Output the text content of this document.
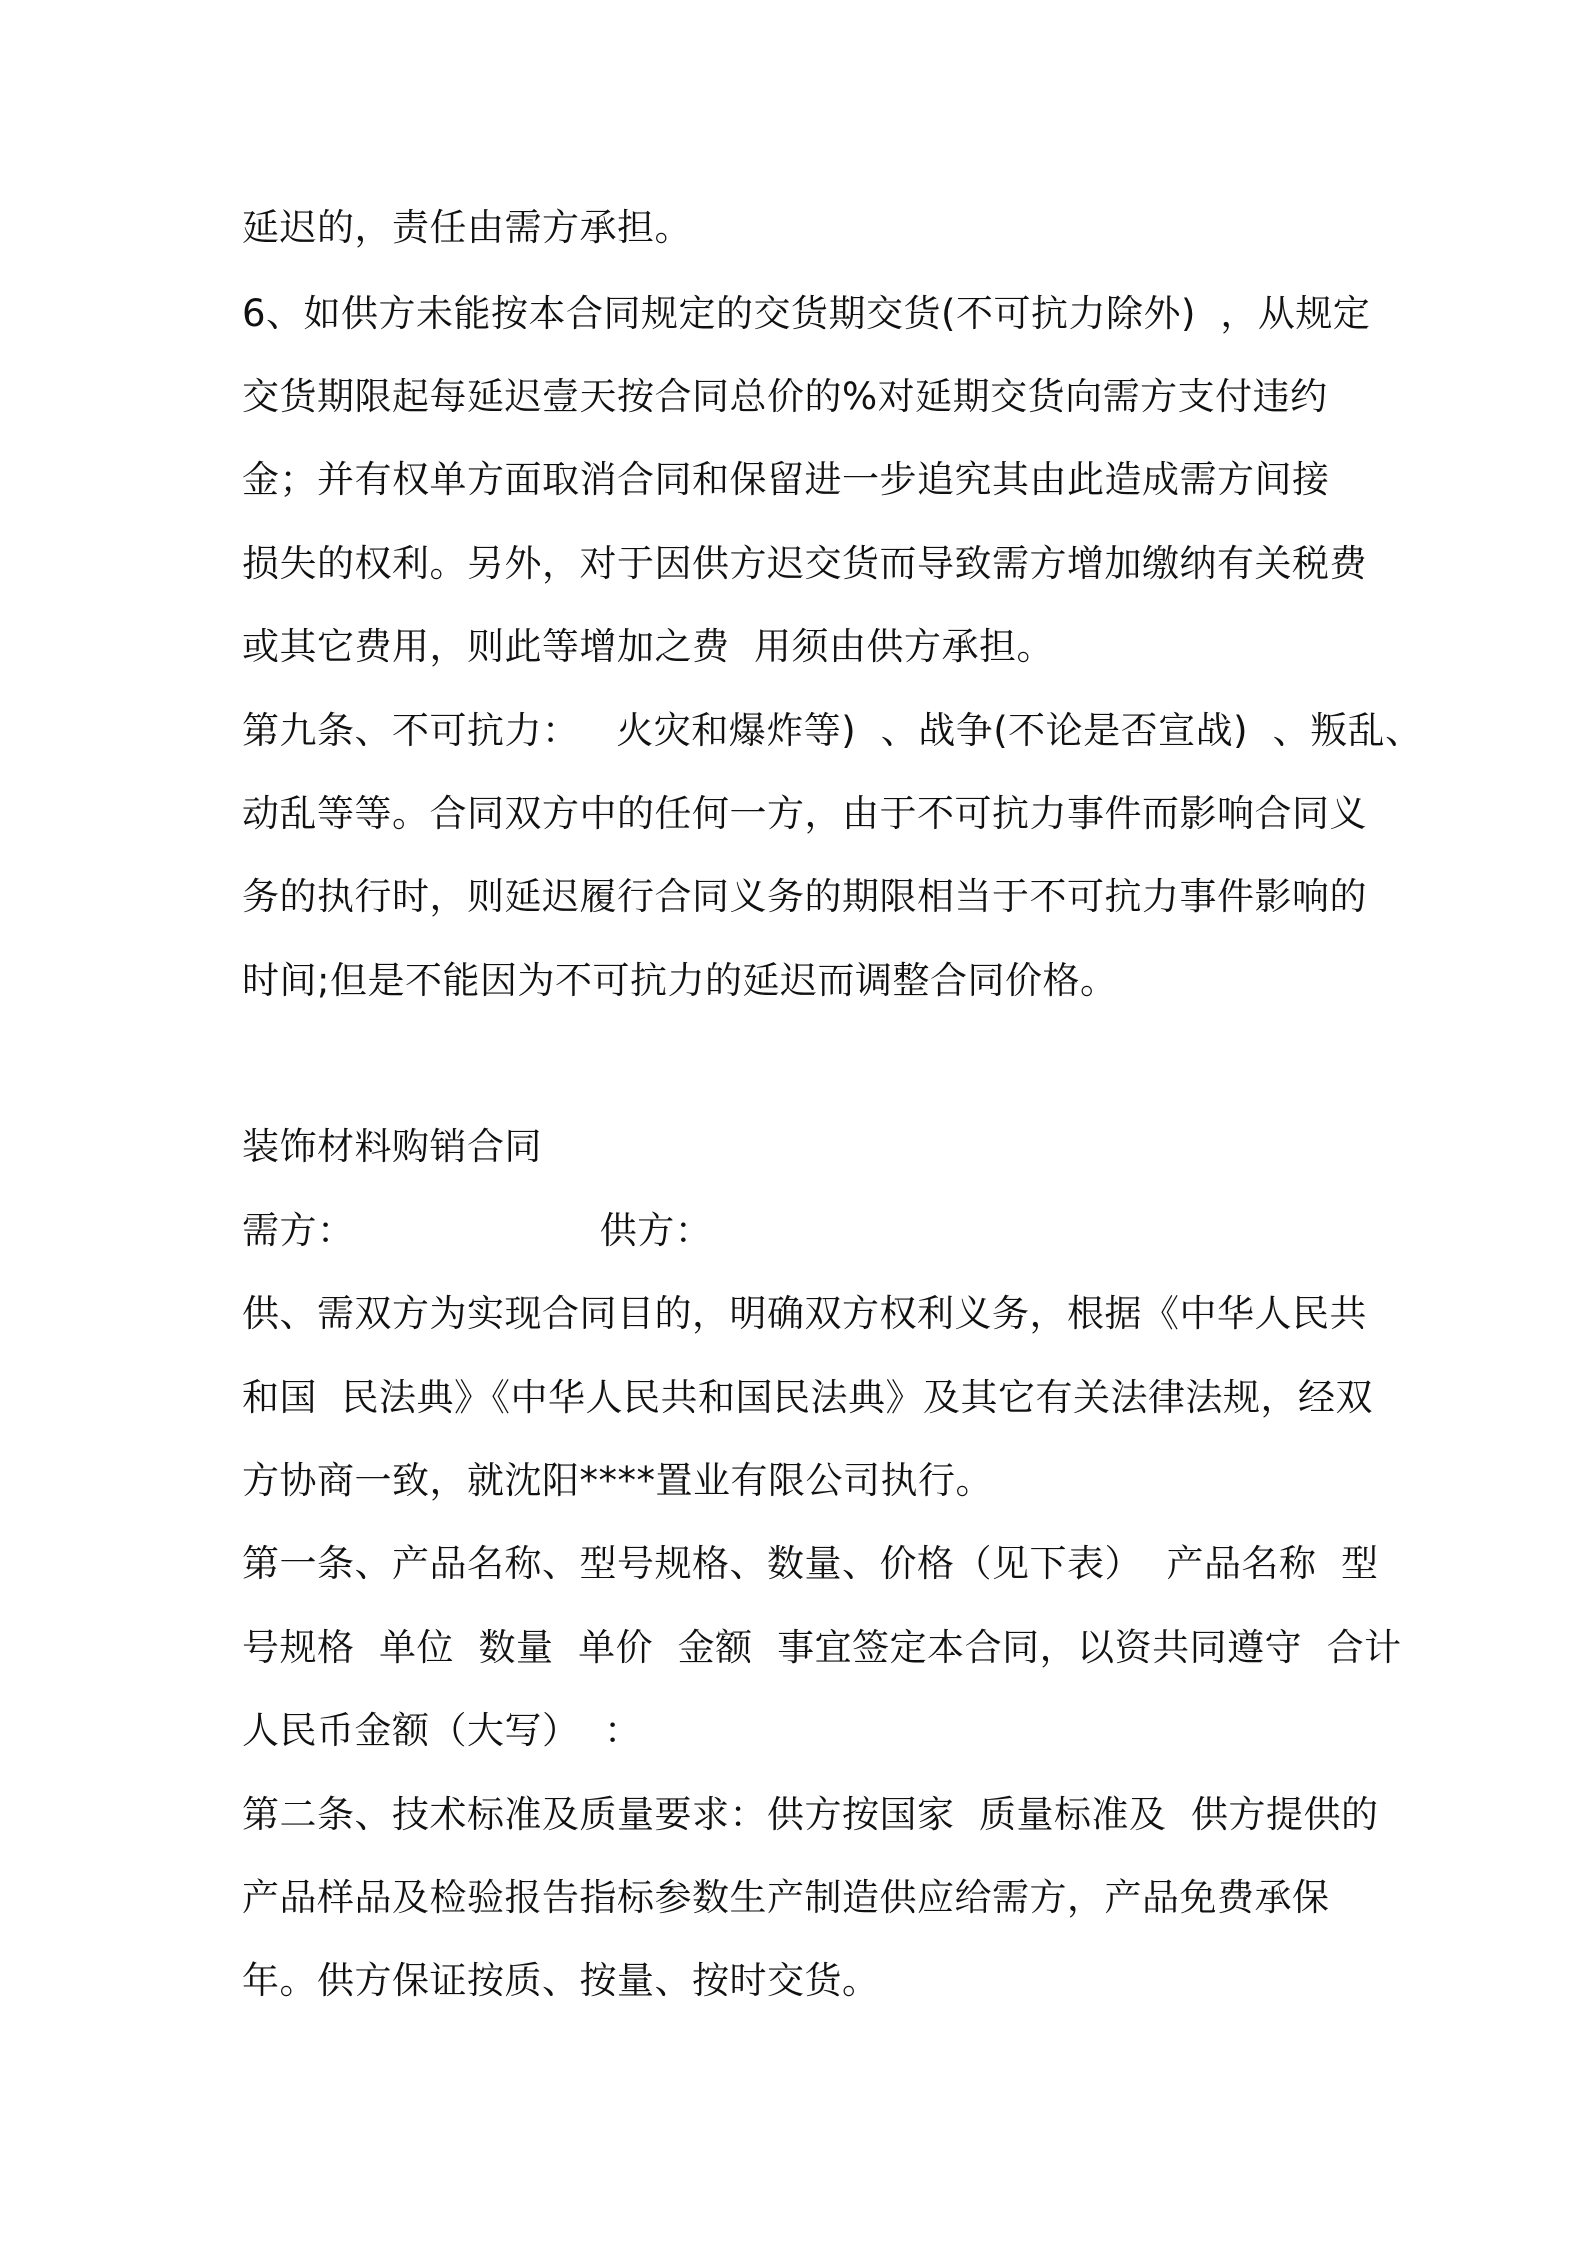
延迟的，责任由需方承担。

6、如供方未能按本合同规定的交货期交货(不可抗力除外)  ，从规定

交货期限起每延迟壹天按合同总价的%对延期交货向需方支付违约

金；并有权单方面取消合同和保留进一步追究其由此造成需方间接

损失的权利。另外，对于因供方迟交货而导致需方增加缴纳有关税费

或其它费用，则此等增加之费  用须由供方承担。

第九条、不可抗力：   火灾和爆炸等)  、战争(不论是否宣战)  、叛乱、

动乱等等。合同双方中的任何一方，由于不可抗力事件而影响合同义

务的执行时，则延迟履行合同义务的期限相当于不可抗力事件影响的

时间;但是不能因为不可抗力的延迟而调整合同价格。

装饰材料购销合同

需方：                    供方：

供、需双方为实现合同目的，明确双方权利义务，根据《中华人民共

和国  民法典》《中华人民共和国民法典》及其它有关法律法规，经双

方协商一致，就沈阳****置业有限公司执行。

第一条、产品名称、型号规格、数量、价格（见下表）  产品名称  型

号规格  单位  数量  单价  金额  事宜签定本合同，以资共同遵守  合计

人民币金额（大写）  ：

第二条、技术标准及质量要求：供方按国家  质量标准及  供方提供的

产品样品及检验报告指标参数生产制造供应给需方，产品免费承保

年。供方保证按质、按量、按时交货。
